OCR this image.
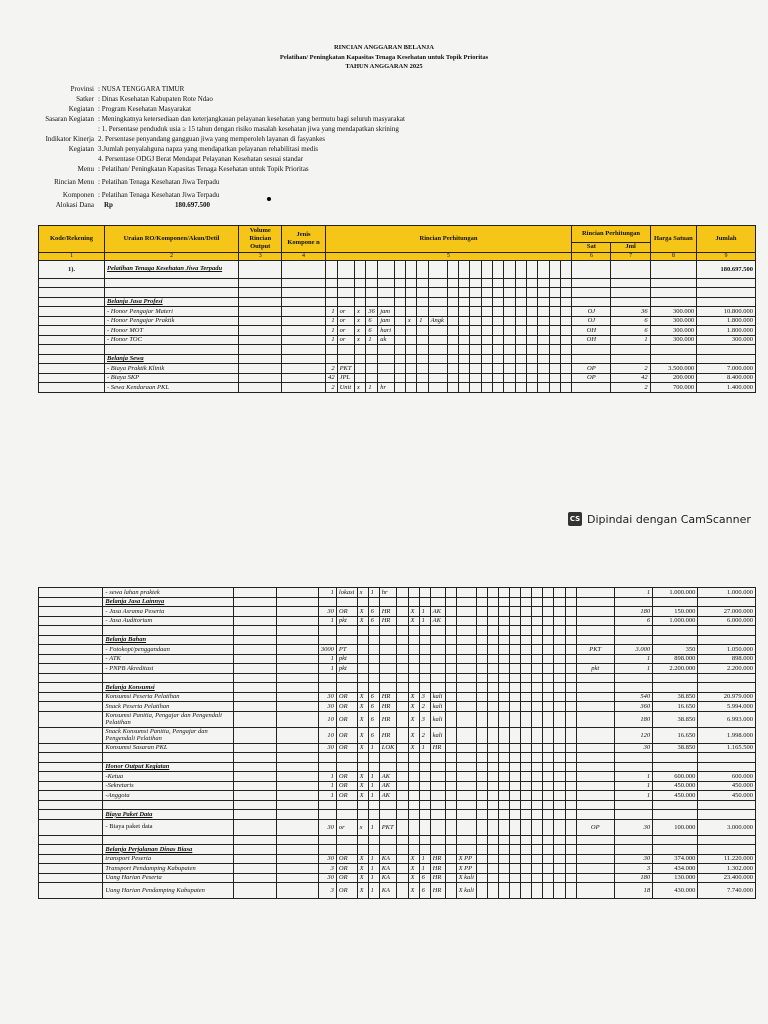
RINCIAN ANGGARAN BELANJA
Pelatihan/ Peningkatan Kapasitas Tenaga Kesehatan untuk Topik Prioritas
TAHUN ANGGARAN 2025
Provinsi : NUSA TENGGARA TIMUR
Satker : Dinas Kesehatan Kabupaten Rote Ndao
Kegiatan : Program Kesehatan Masyarakat
Sasaran Kegiatan : Meningkatnya ketersediaan dan keterjangkauan pelayanan kesehatan yang bermutu bagi seluruh masyarakat
: 1. Persentase penduduk usia ≥ 15 tahun dengan risiko masalah kesehatan jiwa yang mendapatkan skrining
Indikator Kinerja 2. Persentase penyandang gangguan jiwa yang memperoleh layanan di fasyankes
Kegiatan 3.Jumlah penyalahguna napza yang mendapatkan pelayanan rehabilitasi medis
4. Persentase ODGJ Berat Mendapat Pelayanan Kesehatan sesuai standar
Menu : Pelatihan/ Peningkatan Kapasitas Tenaga Kesehatan untuk Topik Prioritas
Rincian Menu : Pelatihan Tenaga Kesehatan Jiwa Terpadu
Komponen : Pelatihan Tenaga Kesehatan Jiwa Terpadu
Alokasi Dana	Rp	180.697.500
Kode/Rekening	Uraian RO/Komponen/Akun/Detil	Volume Rincian Output	Jenis Kompone n	Rincian Perhitungan																				Rincian Perhitungan		Harga Satuan	Jumlah
																								Sat	Jml		
1	2	3	4	5																				6	7	8	9
1).	Pelatihan Tenaga Kesehatan Jiwa Terpadu																										180.697.500

	Belanja Jasa Profesi																										
	- Honor Pengajar Materi			1	or	x	36	jam																OJ	36	300.000	10.800.000
	- Honor Pengajar Praktik			1	or	x	6	jam		x	1	Angk												OJ	6	300.000	1.800.000
	- Honor MOT			1	or	x	6	hari																OH	6	300.000	1.800.000
	- Honor TOC			1	or	x	1	ak																OH	1	300.000	300.000

	Belanja Sewa																										
	- Biaya Praktik Klinik			2	PKT																			OP	2	3.500.000	7.000.000
	- Biaya SKP			42	JPL																			OP	42	200.000	8.400.000
	- Sewa Kendaraan PKL			2	Unit	x	1	hr																	2	700.000	1.400.000
CS Dipindai dengan CamScanner
	- sewa lahan praktek			1	lokasi	x	1	hr																	1	1.000.000	1.000.000
	Belanja Jasa Lainnya																										
	- Jasa Asrama Peserta			30	OR	X	6	HR		X	1	AK													180	150.000	27.000.000
	- Jasa Auditorium			1	pkt	X	6	HR		X	1	AK													6	1.000.000	6.000.000

	Belanja Bahan																										
	- Fotokopi/penggandaan			3000	PT																			PKT	3.000	350	1.050.000
	- ATK			1	pkt																				1	898.000	898.000
	- PNPB Akreditasi			1	pkt																			pkt	1	2.200.000	2.200.000

	Belanja Konsumsi																										
	Konsumsi Peserta Pelatihan			30	OR	X	6	HR		X	3	kali													540	38.850	20.979.000
	Snack Peserta Pelatihan			30	OR	X	6	HR		X	2	kali													360	16.650	5.994.000
	Konsumsi Panitia, Pengajar dan Pengendali Pelatihan			10	OR	X	6	HR		X	3	kali													180	38.850	6.993.000
	Snack Konsumsi Panitia, Pengajar dan Pengendali Pelatihan			10	OR	X	6	HR		X	2	kali													120	16.650	1.998.000
	Konsumsi Sasaran PKL			30	OR	X	1	LOK		X	1	HR													30	38.850	1.165.500

	Honor Output Kegiatan																										
	-Ketua			1	OR	X	1	AK																	1	600.000	600.000
	-Sekretaris			1	OR	X	1	AK																	1	450.000	450.000
	-Anggota			1	OR	X	1	AK																	1	450.000	450.000

	Biaya Paket Data																										
	- Biaya paket data			30	or	x	1	PKT																OP	30	100.000	3.000.000

	Belanja Perjalanan Dinas Biasa																										
	transport Peserta			30	OR	X	1	KA		X	1	HR		X PP											30	374.000	11.220.000
	Transport Pendamping Kabupaten			3	OR	X	1	KA		X	1	HR		X PP											3	434.000	1.302.000
	Uang Harian Peserta			30	OR	X	1	KA		X	6	HR		X kali											180	130.000	23.400.000
	Uang Harian Pendamping Kabupaten			3	OR	X	1	KA		X	6	HR		X kali											18	430.000	7.740.000
